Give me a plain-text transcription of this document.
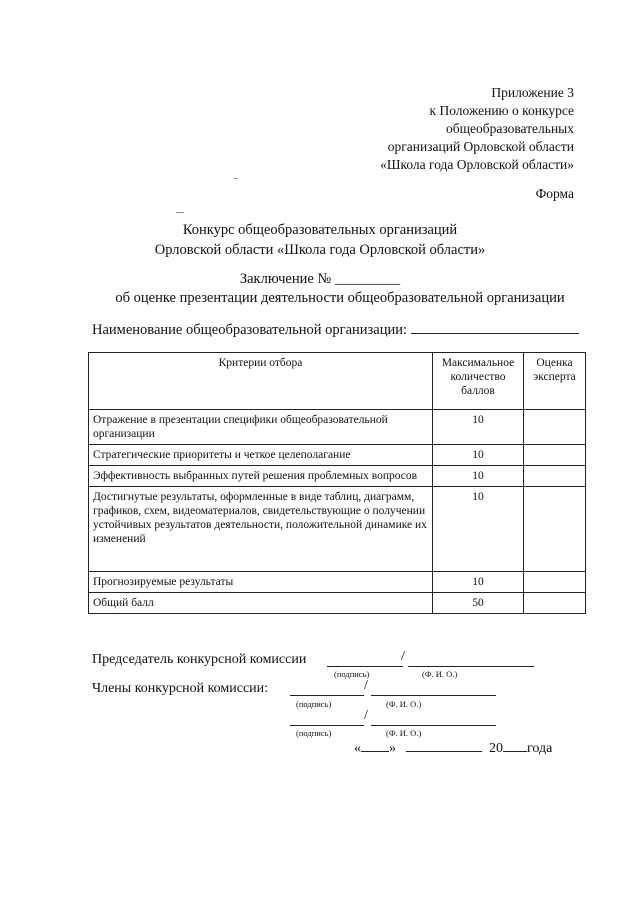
Приложение 3
к Положению о конкурсе
общеобразовательных
организаций Орловской области
«Школа года Орловской области»
Форма
Конкурс общеобразовательных организаций
Орловской области «Школа года Орловской области»
Заключение № _________
об оценке презентации деятельности общеобразовательной организации
Наименование общеобразовательной организации:
Критерии отбора	Максимальное количество баллов	Оценка эксперта
Отражение в презентации специфики общеобразовательной организации	10	
Стратегические приоритеты и четкое целеполагание	10	
Эффективность выбранных путей решения проблемных вопросов	10	
Достигнутые результаты, оформленные в виде таблиц, диаграмм, графиков, схем, видеоматериалов, свидетельствующие о получении устойчивых результатов деятельности, положительной динамике их изменений	10	
Прогнозируемые результаты	10	
Общий балл	50	
Председатель конкурсной комиссии	/
(подпись)	(Ф. И. О.)
Члены конкурсной комиссии:	/
(подпись)	(Ф. И. О.)
/
(подпись)	(Ф. И. О.)
« »	20 года
